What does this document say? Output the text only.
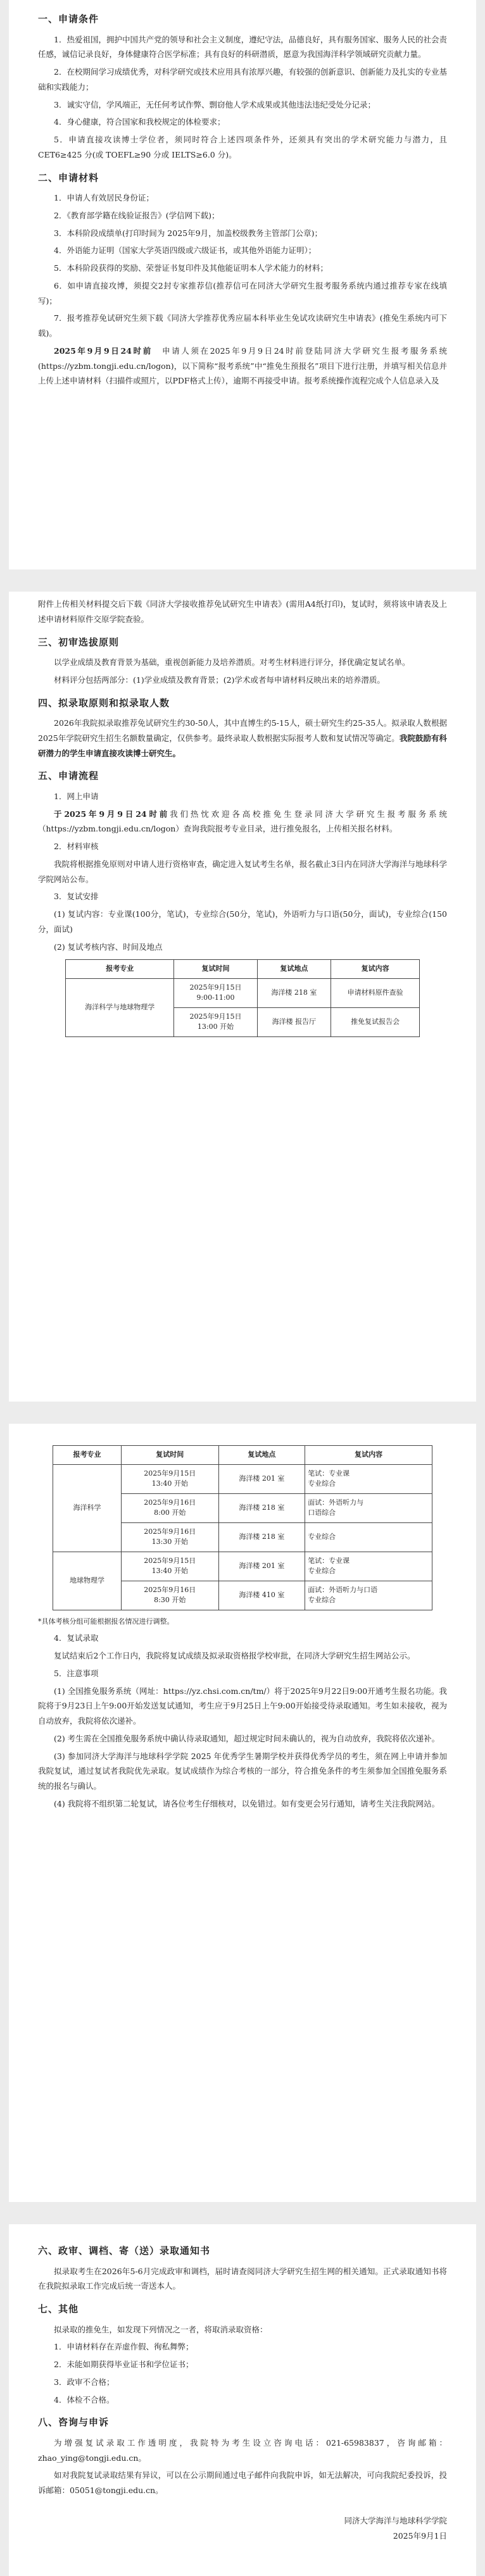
一、申请条件

1．热爱祖国，拥护中国共产党的领导和社会主义制度，遵纪守法，品德良好，具有服务国家、服务人民的社会责任感，诚信记录良好，身体健康符合医学标准；具有良好的科研潜质，愿意为我国海洋科学领域研究贡献力量。

2．在校期间学习成绩优秀，对科学研究或技术应用具有浓厚兴趣，有较强的创新意识、创新能力及扎实的专业基础和实践能力；

3．诚实守信，学风端正，无任何考试作弊、剽窃他人学术成果或其他违法违纪受处分记录；

4．身心健康，符合国家和我校规定的体检要求；

5．申请直接攻读博士学位者，须同时符合上述四项条件外，还须具有突出的学术研究能力与潜力，且 CET6≥425 分(或 TOEFL≥90 分或 IELTS≥6.0 分)。

二、申请材料

1．申请人有效居民身份证；

2．《教育部学籍在线验证报告》(学信网下载)；

3．本科阶段成绩单(打印时间为 2025年9月，加盖校级教务主管部门公章)；

4．外语能力证明（国家大学英语四级或六级证书，或其他外语能力证明）；

5．本科阶段获得的奖励、荣誉证书复印件及其他能证明本人学术能力的材料；

6．如申请直接攻博，须提交2封专家推荐信(推荐信可在同济大学研究生报考服务系统内通过推荐专家在线填写)；

7．报考推荐免试研究生须下载《同济大学推荐优秀应届本科毕业生免试攻读研究生申请表》(推免生系统内可下载)。

2025年9月9日24时前　 申请人须在2025年9月9日24时前登陆同济大学研究生报考服务系统(https://yzbm.tongji.edu.cn/logon)，以下简称“报考系统”中“推免生预报名”项目下进行注册，并填写相关信息并上传上述申请材料（扫描件或照片，以PDF格式上传），逾期不再接受申请。报考系统操作流程完成个人信息录入及

附件上传相关材料提交后下载《同济大学接收推荐免试研究生申请表》(需用A4纸打印)，复试时，须将该申请表及上述申请材料原件交原学院查验。

三、初审选拔原则

以学业成绩及教育背景为基础，重视创新能力及培养潜质。对考生材料进行评分，择优确定复试名单。

材料评分包括两部分：(1)学业成绩及教育背景；(2)学术或者每申请材料反映出来的培养潜质。

四、拟录取原则和拟录取人数

2026年我院拟录取推荐免试研究生约30-50人，其中直博生约5-15人，硕士研究生约25-35人。拟录取人数根据2025年学院研究生招生名额数量确定，仅供参考。最终录取人数根据实际报考人数和复试情况等确定。我院鼓励有科研潜力的学生申请直接攻读博士研究生。

五、申请流程

1．网上申请

于2025年9月9日24时前我们热忱欢迎各高校推免生登录同济大学研究生报考服务系统（https://yzbm.tongji.edu.cn/logon）查询我院报考专业目录，进行推免报名，上传相关报名材料。

2．材料审核

我院将根据推免原则对申请人进行资格审查，确定进入复试考生名单，报名截止3日内在同济大学海洋与地球科学学院网站公布。

3．复试安排

(1) 复试内容：专业课(100分，笔试)，专业综合(50分，笔试)，外语听力与口语(50分，面试)，专业综合(150分，面试)

(2) 复试考核内容、时间及地点

报考专业	复试时间	复试地点	复试内容
海洋科学与地球物理学	2025年9月15日
9:00-11:00	海洋楼 218 室	申请材料原件查验
	2025年9月15日
13:00 开始	海洋楼 报告厅	推免复试报告会
报考专业	复试时间	复试地点	复试内容
海洋科学	2025年9月15日
13:40 开始	海洋楼 201 室	笔试：专业课
专业综合
	2025年9月16日
8:00 开始	海洋楼 218 室	面试：外语听力与
口语综合
	2025年9月16日
13:30 开始	海洋楼 218 室	专业综合
地球物理学	2025年9月15日
13:40 开始	海洋楼 201 室	笔试：专业课
专业综合
	2025年9月16日
8:30 开始	海洋楼 410 室	面试：外语听力与口语
专业综合

*具体考核分组可能根据报名情况进行调整。

4．复试录取

复试结束后2个工作日内，我院将复试成绩及拟录取资格报学校审批，在同济大学研究生招生网站公示。

5．注意事项

(1) 全国推免服务系统（网址：https://yz.chsi.com.cn/tm/）将于2025年9月22日9:00开通考生报名功能。我院将于9月23日上午9:00开始发送复试通知，考生应于9月25日上午9:00开始接受待录取通知。考生如未接收，视为自动放弃，我院将依次递补。

(2) 考生需在全国推免服务系统中确认待录取通知，超过规定时间未确认的，视为自动放弃，我院将依次递补。

(3) 参加同济大学海洋与地球科学学院 2025 年优秀学生暑期学校并获得优秀学员的考生，须在网上申请并参加我院复试，通过复试者我院优先录取。复试成绩作为综合考核的一部分，符合推免条件的考生须参加全国推免服务系统的报名与确认。

(4) 我院将不组织第二轮复试，请各位考生仔细核对，以免错过。如有变更会另行通知，请考生关注我院网站。

六、政审、调档、寄（送）录取通知书

拟录取考生在2026年5-6月完成政审和调档，届时请查阅同济大学研究生招生网的相关通知。正式录取通知书将在我院拟录取工作完成后统一寄送本人。

七、其他

拟录取的推免生，如发现下列情况之一者，将取消录取资格：

1．申请材料存在弄虚作假、徇私舞弊；

2．未能如期获得毕业证书和学位证书；

3．政审不合格；

4．体检不合格。

八、咨询与申诉

为增强复试录取工作透明度，我院特为考生设立咨询电话：021-65983837，咨询邮箱：zhao_ying@tongji.edu.cn。

如对我院复试录取结果有异议，可以在公示期间通过电子邮件向我院申诉，如无法解决，可向我院纪委投诉，投诉邮箱：05051@tongji.edu.cn。

同济大学海洋与地球科学学院

2025年9月1日
